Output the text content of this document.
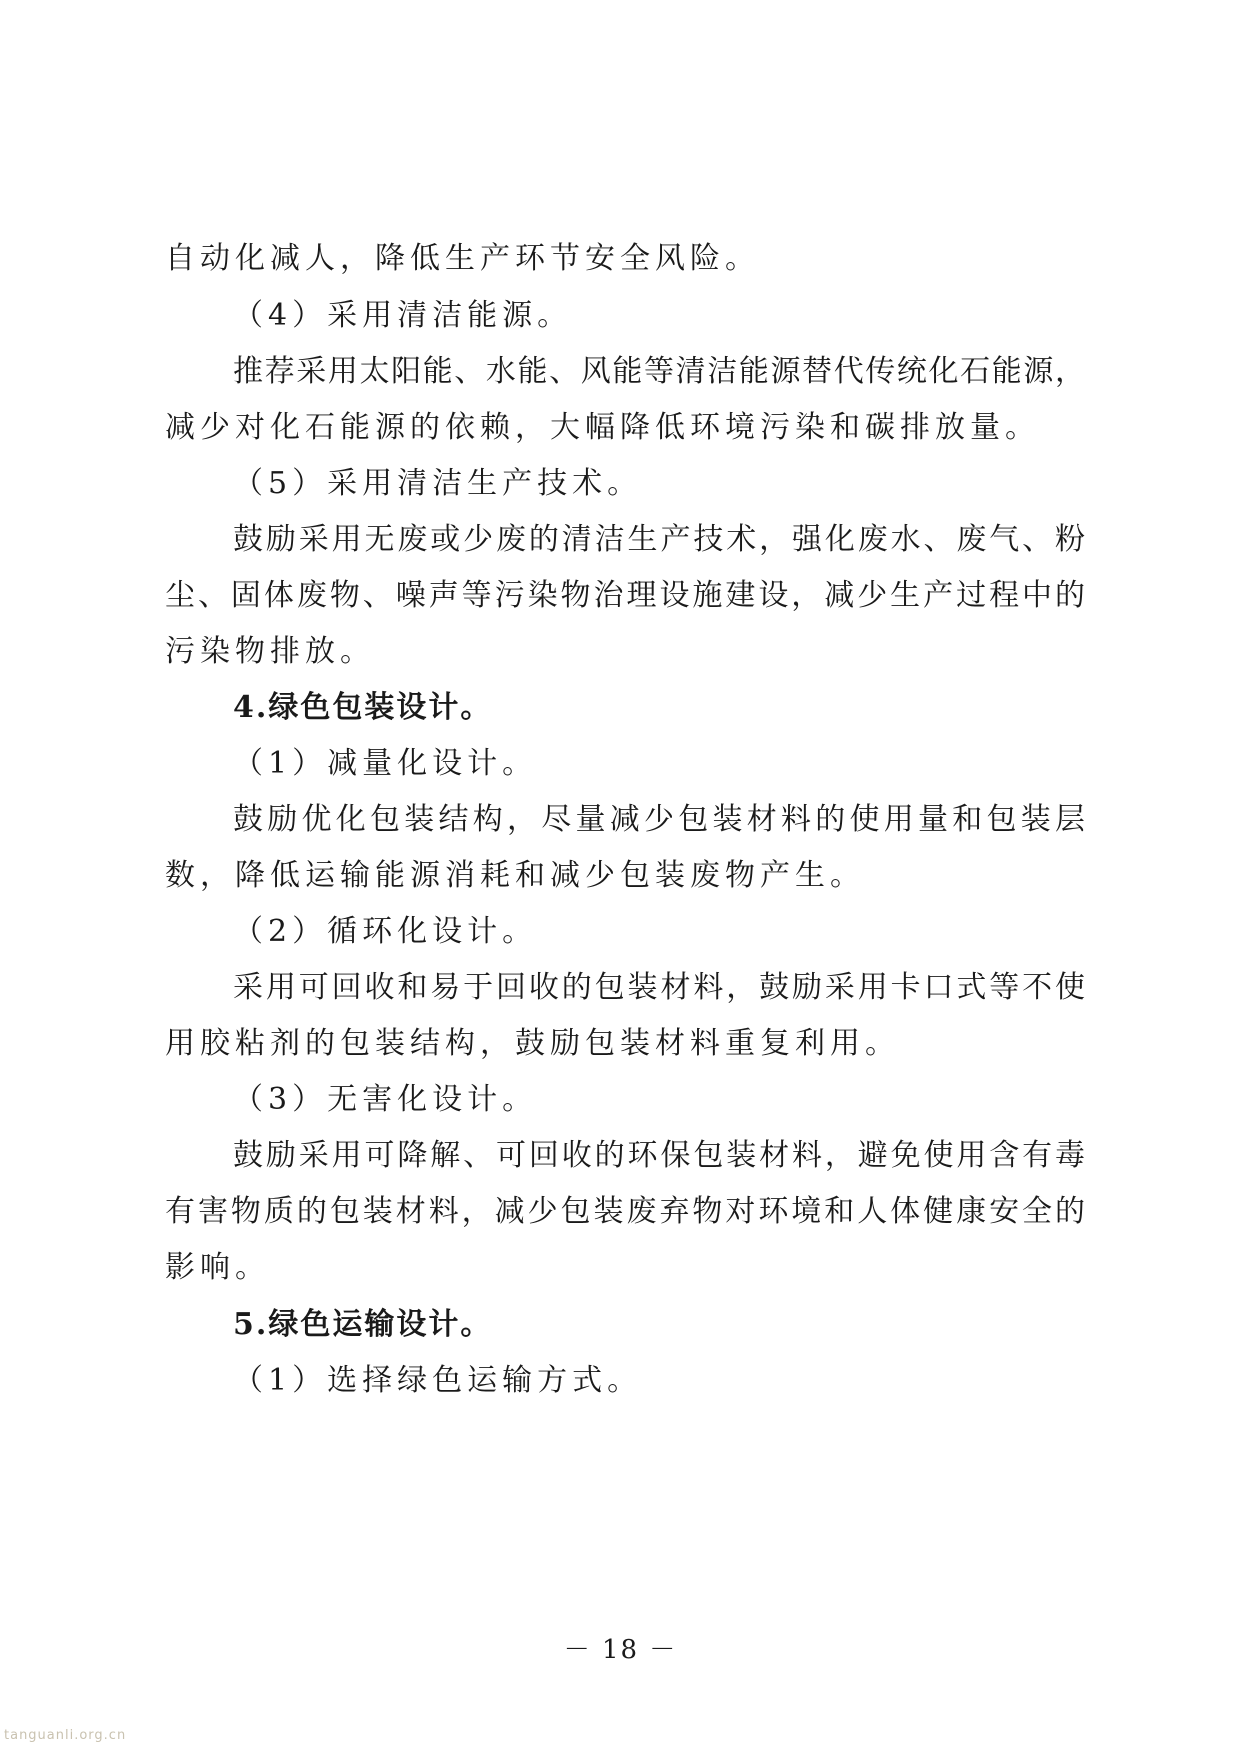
自动化减人，降低生产环节安全风险。
（4）采用清洁能源。
推荐采用太阳能、水能、风能等清洁能源替代传统化石能源，
减少对化石能源的依赖，大幅降低环境污染和碳排放量。
（5）采用清洁生产技术。
鼓励采用无废或少废的清洁生产技术，强化废水、废气、粉
尘、固体废物、噪声等污染物治理设施建设，减少生产过程中的
污染物排放。
4.绿色包装设计。
（1）减量化设计。
鼓励优化包装结构，尽量减少包装材料的使用量和包装层
数，降低运输能源消耗和减少包装废物产生。
（2）循环化设计。
采用可回收和易于回收的包装材料，鼓励采用卡口式等不使
用胶粘剂的包装结构，鼓励包装材料重复利用。
（3）无害化设计。
鼓励采用可降解、可回收的环保包装材料，避免使用含有毒
有害物质的包装材料，减少包装废弃物对环境和人体健康安全的
影响。
5.绿色运输设计。
（1）选择绿色运输方式。
－ 18 －
tanguanli.org.cn
